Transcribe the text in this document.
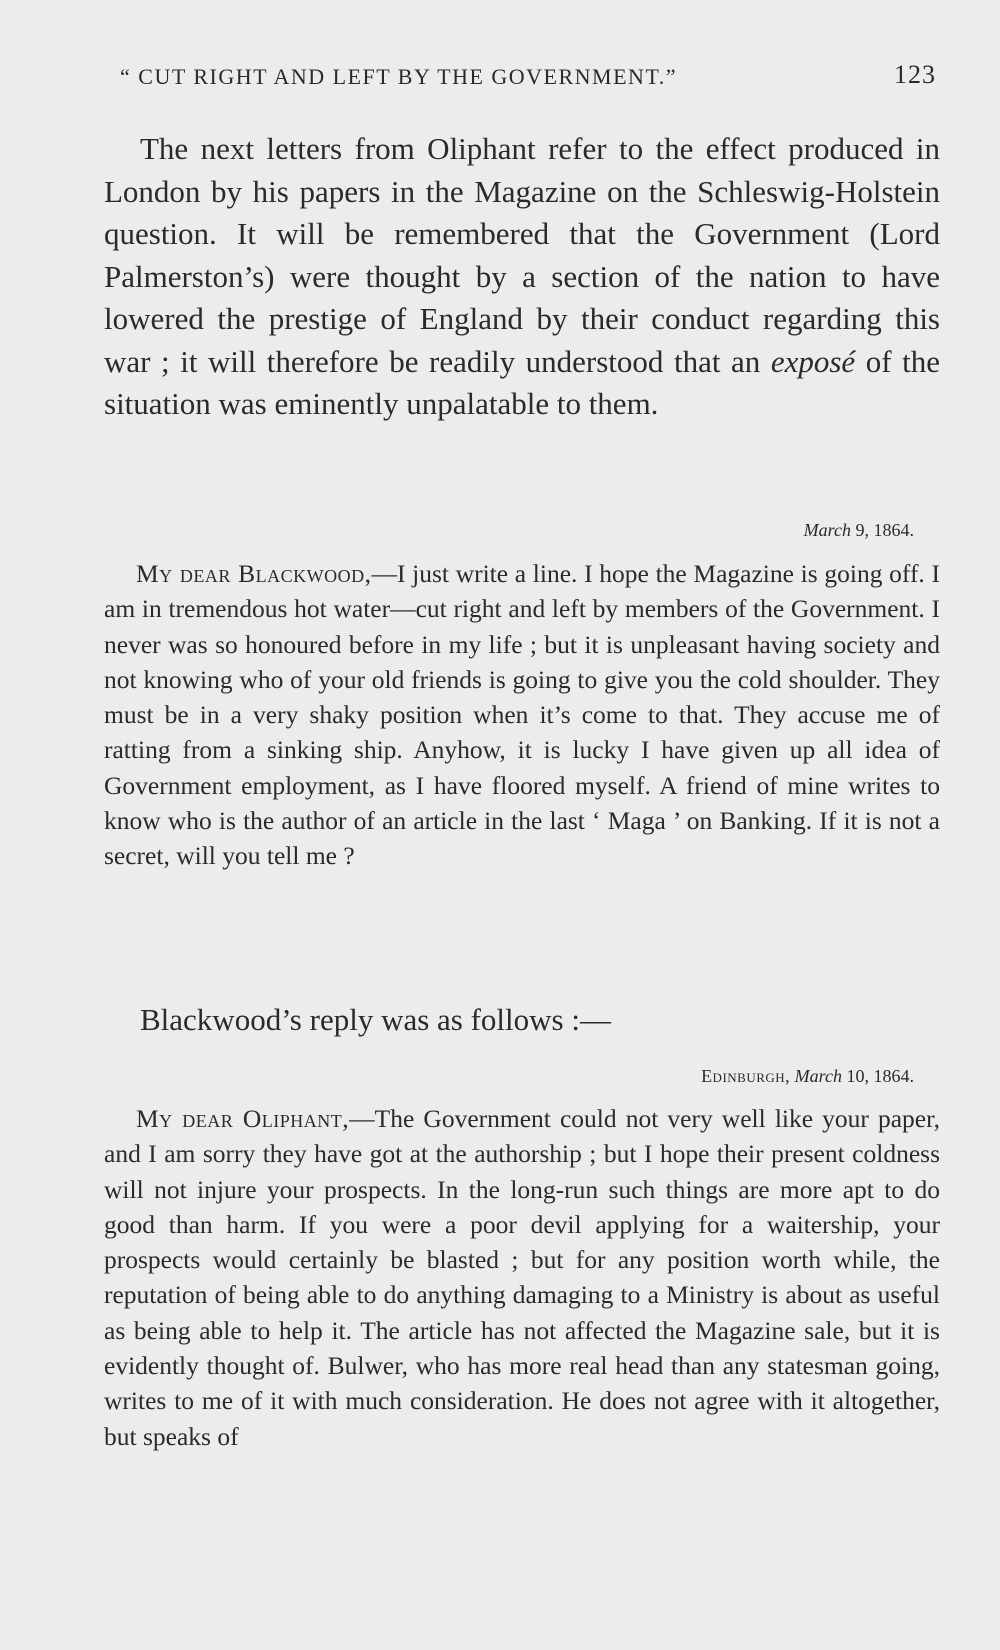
“ CUT RIGHT AND LEFT BY THE GOVERNMENT.”	123

The next letters from Oliphant refer to the effect produced in London by his papers in the Magazine on the Schleswig-Holstein question. It will be remembered that the Government (Lord Palmerston’s) were thought by a section of the nation to have lowered the prestige of England by their conduct regarding this war ; it will therefore be readily understood that an exposé of the situation was eminently unpalatable to them.

March 9, 1864.

My dear Blackwood,—I just write a line. I hope the Magazine is going off. I am in tremendous hot water—cut right and left by members of the Government. I never was so honoured before in my life ; but it is unpleasant having society and not knowing who of your old friends is going to give you the cold shoulder. They must be in a very shaky position when it’s come to that. They accuse me of ratting from a sinking ship. Anyhow, it is lucky I have given up all idea of Government employment, as I have floored myself. A friend of mine writes to know who is the author of an article in the last ‘ Maga ’ on Banking. If it is not a secret, will you tell me ?

Blackwood’s reply was as follows :—

Edinburgh, March 10, 1864.

My dear Oliphant,—The Government could not very well like your paper, and I am sorry they have got at the authorship ; but I hope their present coldness will not injure your prospects. In the long-run such things are more apt to do good than harm. If you were a poor devil applying for a waitership, your prospects would certainly be blasted ; but for any position worth while, the reputation of being able to do anything damaging to a Ministry is about as useful as being able to help it. The article has not affected the Magazine sale, but it is evidently thought of. Bulwer, who has more real head than any statesman going, writes to me of it with much consideration. He does not agree with it altogether, but speaks of
